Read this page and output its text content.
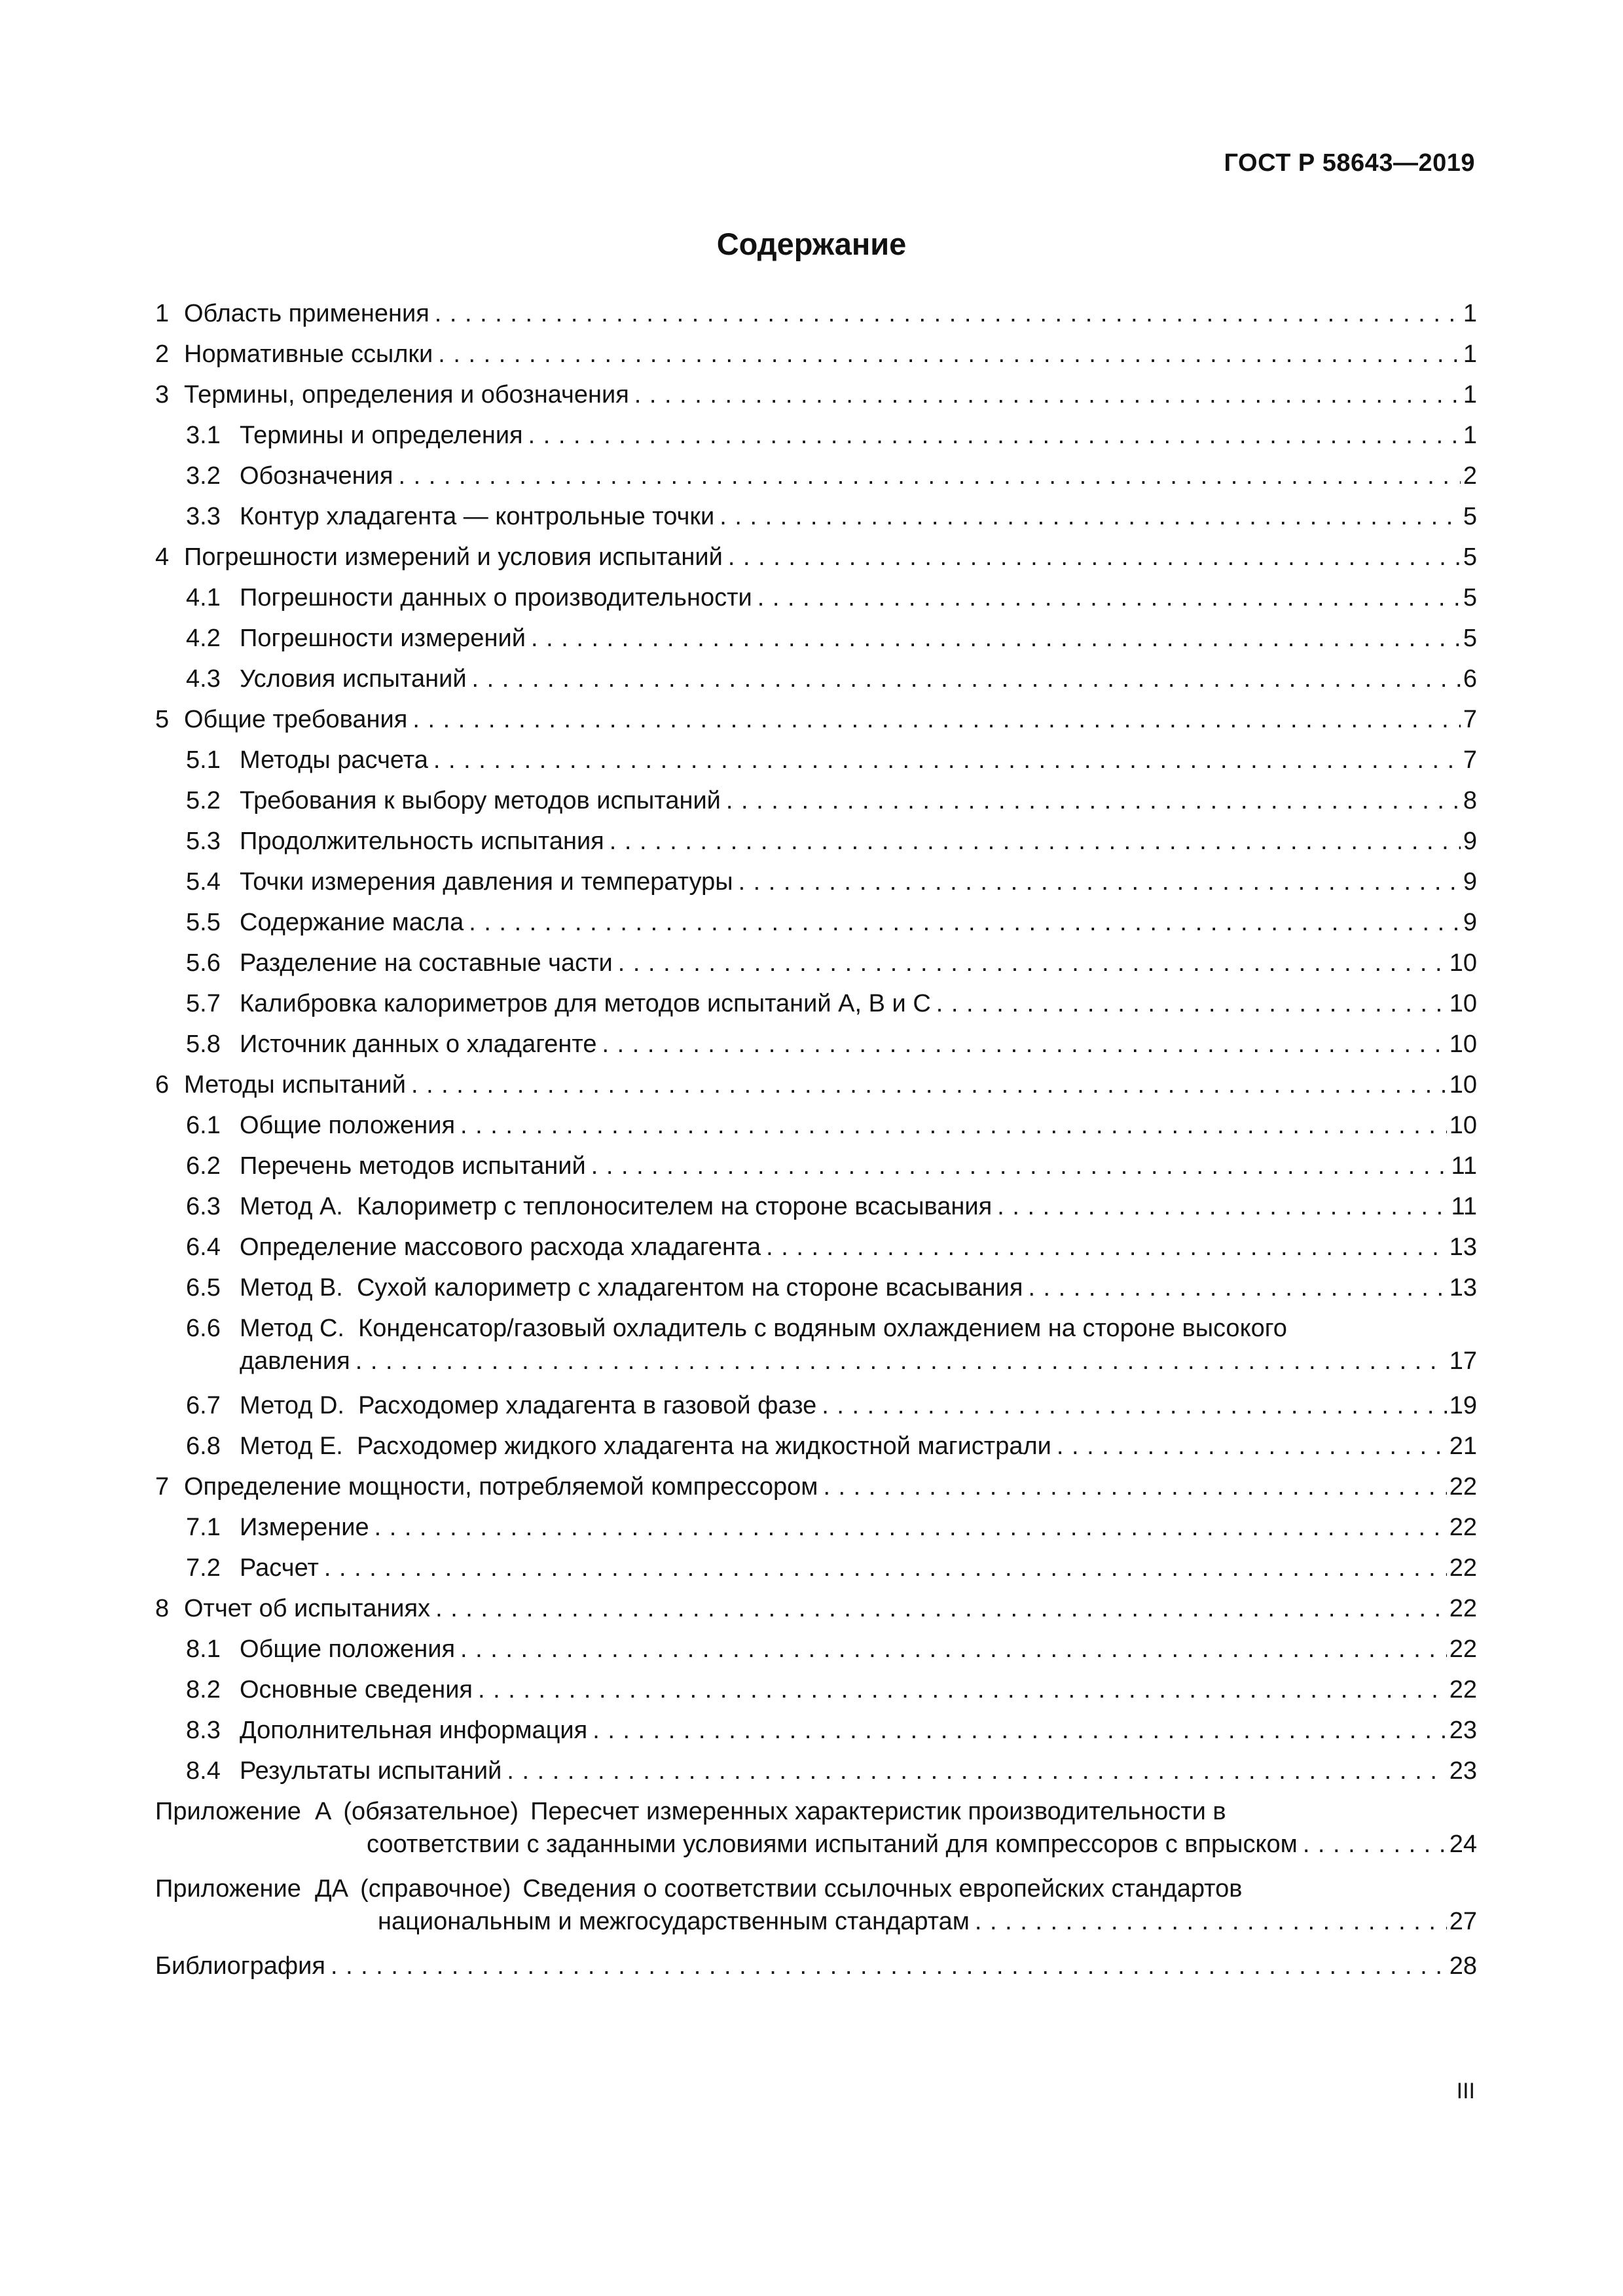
ГОСТ Р 58643—2019
Содержание
1 Область применения . . .	1
2 Нормативные ссылки . . .	1
3 Термины, определения и обозначения . . .	1
3.1 Термины и определения . . .	1
3.2 Обозначения . . .	2
3.3 Контур хладагента — контрольные точки . . .	5
4 Погрешности измерений и условия испытаний . . .	5
4.1 Погрешности данных о производительности . . .	5
4.2 Погрешности измерений . . .	5
4.3 Условия испытаний . . .	6
5 Общие требования . . .	7
5.1 Методы расчета . . .	7
5.2 Требования к выбору методов испытаний . . .	8
5.3 Продолжительность испытания . . .	9
5.4 Точки измерения давления и температуры . . .	9
5.5 Содержание масла . . .	9
5.6 Разделение на составные части . . .	10
5.7 Калибровка калориметров для методов испытаний А, В и С . . .	10
5.8 Источник данных о хладагенте . . .	10
6 Методы испытаний . . .	10
6.1 Общие положения . . .	10
6.2 Перечень методов испытаний . . .	11
6.3 Метод А.  Калориметр с теплоносителем на стороне всасывания . . .	11
6.4 Определение массового расхода хладагента . . .	13
6.5 Метод В.  Сухой калориметр с хладагентом на стороне всасывания . . .	13
6.6 Метод С.  Конденсатор/газовый охладитель с водяным охлаждением на стороне высокого
давления . . .	17
6.7 Метод D.  Расходомер хладагента в газовой фазе . . .	19
6.8 Метод Е.  Расходомер жидкого хладагента на жидкостной магистрали . . .	21
7 Определение мощности, потребляемой компрессором . . .	22
7.1 Измерение . . .	22
7.2 Расчет . . .	22
8 Отчет об испытаниях . . .	22
8.1 Общие положения . . .	22
8.2 Основные сведения . . .	22
8.3 Дополнительная информация . . .	23
8.4 Результаты испытаний . . .	23
Приложение  А (обязательное) Пересчет измеренных характеристик производительности в
соответствии с заданными условиями испытаний для компрессоров с впрыском . . .	24
Приложение  ДА (справочное) Сведения о соответствии ссылочных европейских стандартов
национальным и межгосударственным стандартам . . .	27
Библиография . . .	28
III
